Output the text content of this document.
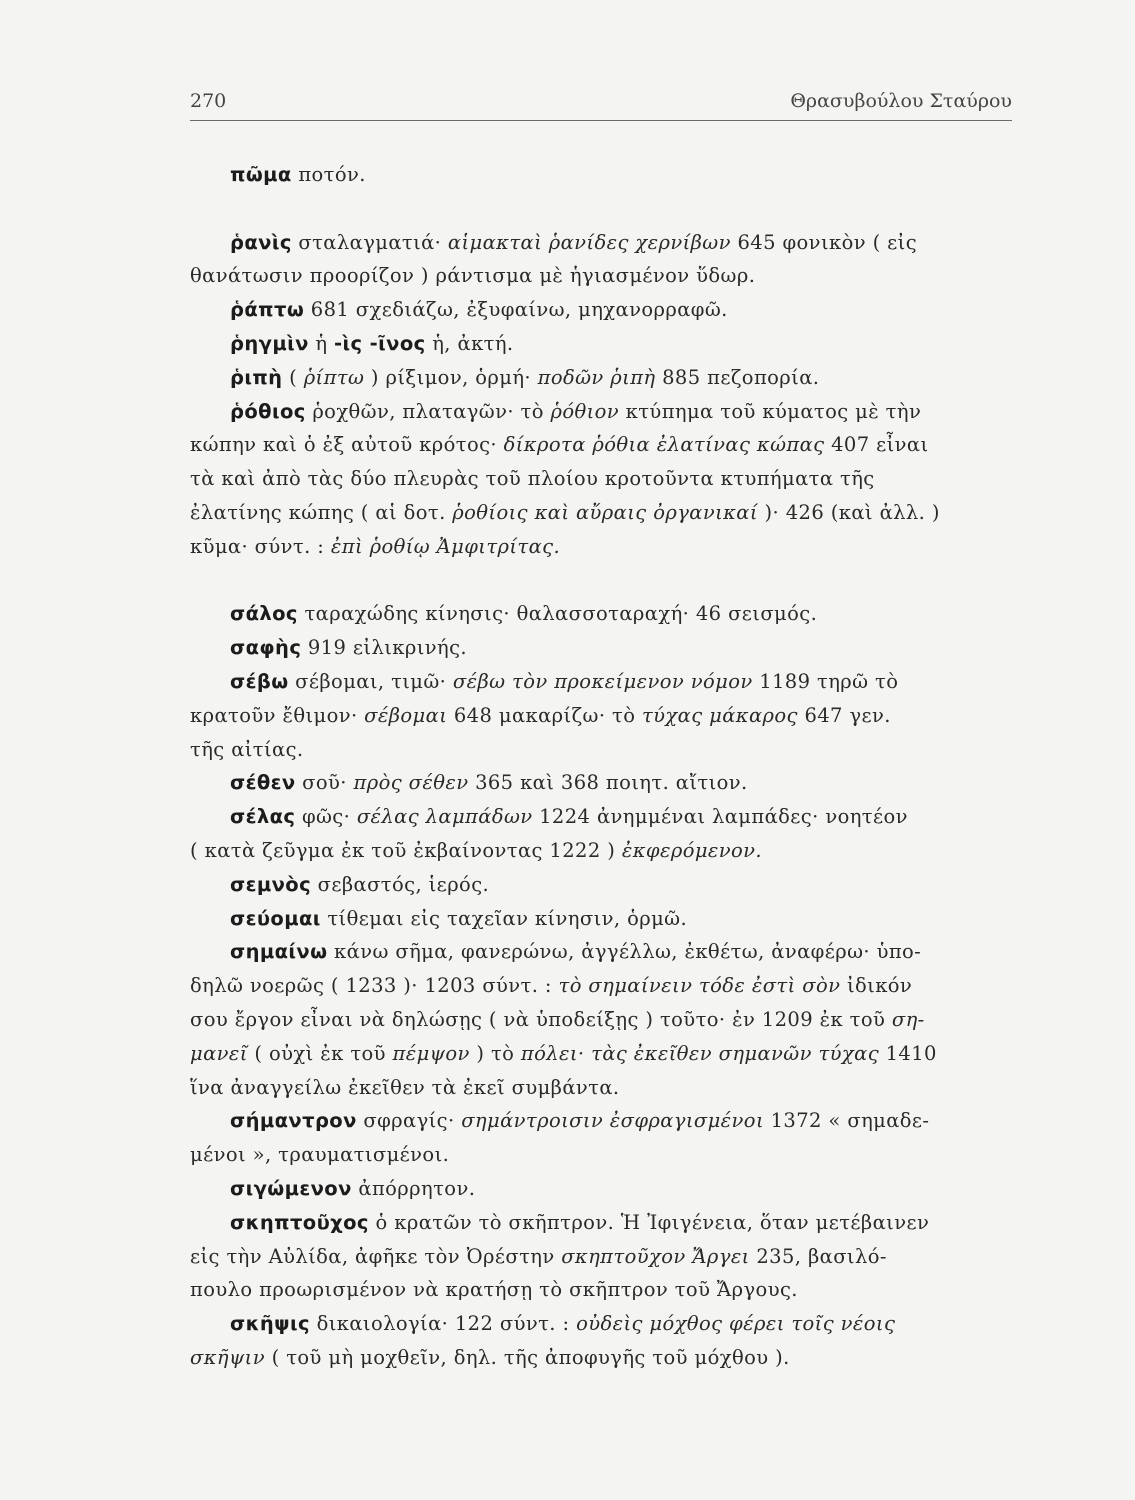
270	Θρασυβούλου Σταύρου
πῶμα ποτόν.
ῥανὶς σταλαγματιά· αἱμακταὶ ῥανίδες χερνίβων 645 φονικὸν ( εἰς
θανάτωσιν προορίζον ) ράντισμα μὲ ἡγιασμένον ὕδωρ.
ῥάπτω 681 σχεδιάζω, ἐξυφαίνω, μηχανορραφῶ.
ῥηγμὶν ἡ -ὶς -ῖνος ἡ, ἀκτή.
ῥιπὴ ( ῥίπτω ) ρίξιμον, ὁρμή· ποδῶν ῥιπὴ 885 πεζοπορία.
ῥόθιος ῥοχθῶν, πλαταγῶν· τὸ ῥόθιον κτύπημα τοῦ κύματος μὲ τὴν
κώπην καὶ ὁ ἐξ αὐτοῦ κρότος· δίκροτα ῥόθια ἐλατίνας κώπας 407 εἶναι
τὰ καὶ ἀπὸ τὰς δύο πλευρὰς τοῦ πλοίου κροτοῦντα κτυπήματα τῆς
ἐλατίνης κώπης ( αἱ δοτ. ῥοθίοις καὶ αὔραις ὀργανικαί )· 426 (καὶ ἀλλ. )
κῦμα· σύντ. : ἐπὶ ῥοθίῳ Ἀμφιτρίτας.
σάλος ταραχώδης κίνησις· θαλασσοταραχή· 46 σεισμός.
σαφὴς 919 εἰλικρινής.
σέβω σέβομαι, τιμῶ· σέβω τὸν προκείμενον νόμον 1189 τηρῶ τὸ
κρατοῦν ἔθιμον· σέβομαι 648 μακαρίζω· τὸ τύχας μάκαρος 647 γεν.
τῆς αἰτίας.
σέθεν σοῦ· πρὸς σέθεν 365 καὶ 368 ποιητ. αἴτιον.
σέλας φῶς· σέλας λαμπάδων 1224 ἀνημμέναι λαμπάδες· νοητέον
( κατὰ ζεῦγμα ἐκ τοῦ ἐκβαίνοντας 1222 ) ἐκφερόμενον.
σεμνὸς σεβαστός, ἱερός.
σεύομαι τίθεμαι εἰς ταχεῖαν κίνησιν, ὁρμῶ.
σημαίνω κάνω σῆμα, φανερώνω, ἀγγέλλω, ἐκθέτω, ἀναφέρω· ὑπο-
δηλῶ νοερῶς ( 1233 )· 1203 σύντ. : τὸ σημαίνειν τόδε ἐστὶ σὸν ἰδικόν
σου ἔργον εἶναι νὰ δηλώσῃς ( νὰ ὑποδείξῃς ) τοῦτο· ἐν 1209 ἐκ τοῦ ση-
μανεῖ ( οὐχὶ ἐκ τοῦ πέμψον ) τὸ πόλει· τὰς ἐκεῖθεν σημανῶν τύχας 1410
ἵνα ἀναγγείλω ἐκεῖθεν τὰ ἐκεῖ συμβάντα.
σήμαντρον σφραγίς· σημάντροισιν ἐσφραγισμένοι 1372 « σημαδε-
μένοι », τραυματισμένοι.
σιγώμενον ἀπόρρητον.
σκηπτοῦχος ὁ κρατῶν τὸ σκῆπτρον. Ἡ Ἰφιγένεια, ὅταν μετέβαινεν
εἰς τὴν Αὐλίδα, ἀφῆκε τὸν Ὀρέστην σκηπτοῦχον Ἄργει 235, βασιλό-
πουλο προωρισμένον νὰ κρατήσῃ τὸ σκῆπτρον τοῦ Ἄργους.
σκῆψις δικαιολογία· 122 σύντ. : οὐδεὶς μόχθος φέρει τοῖς νέοις
σκῆψιν ( τοῦ μὴ μοχθεῖν, δηλ. τῆς ἀποφυγῆς τοῦ μόχθου ).
